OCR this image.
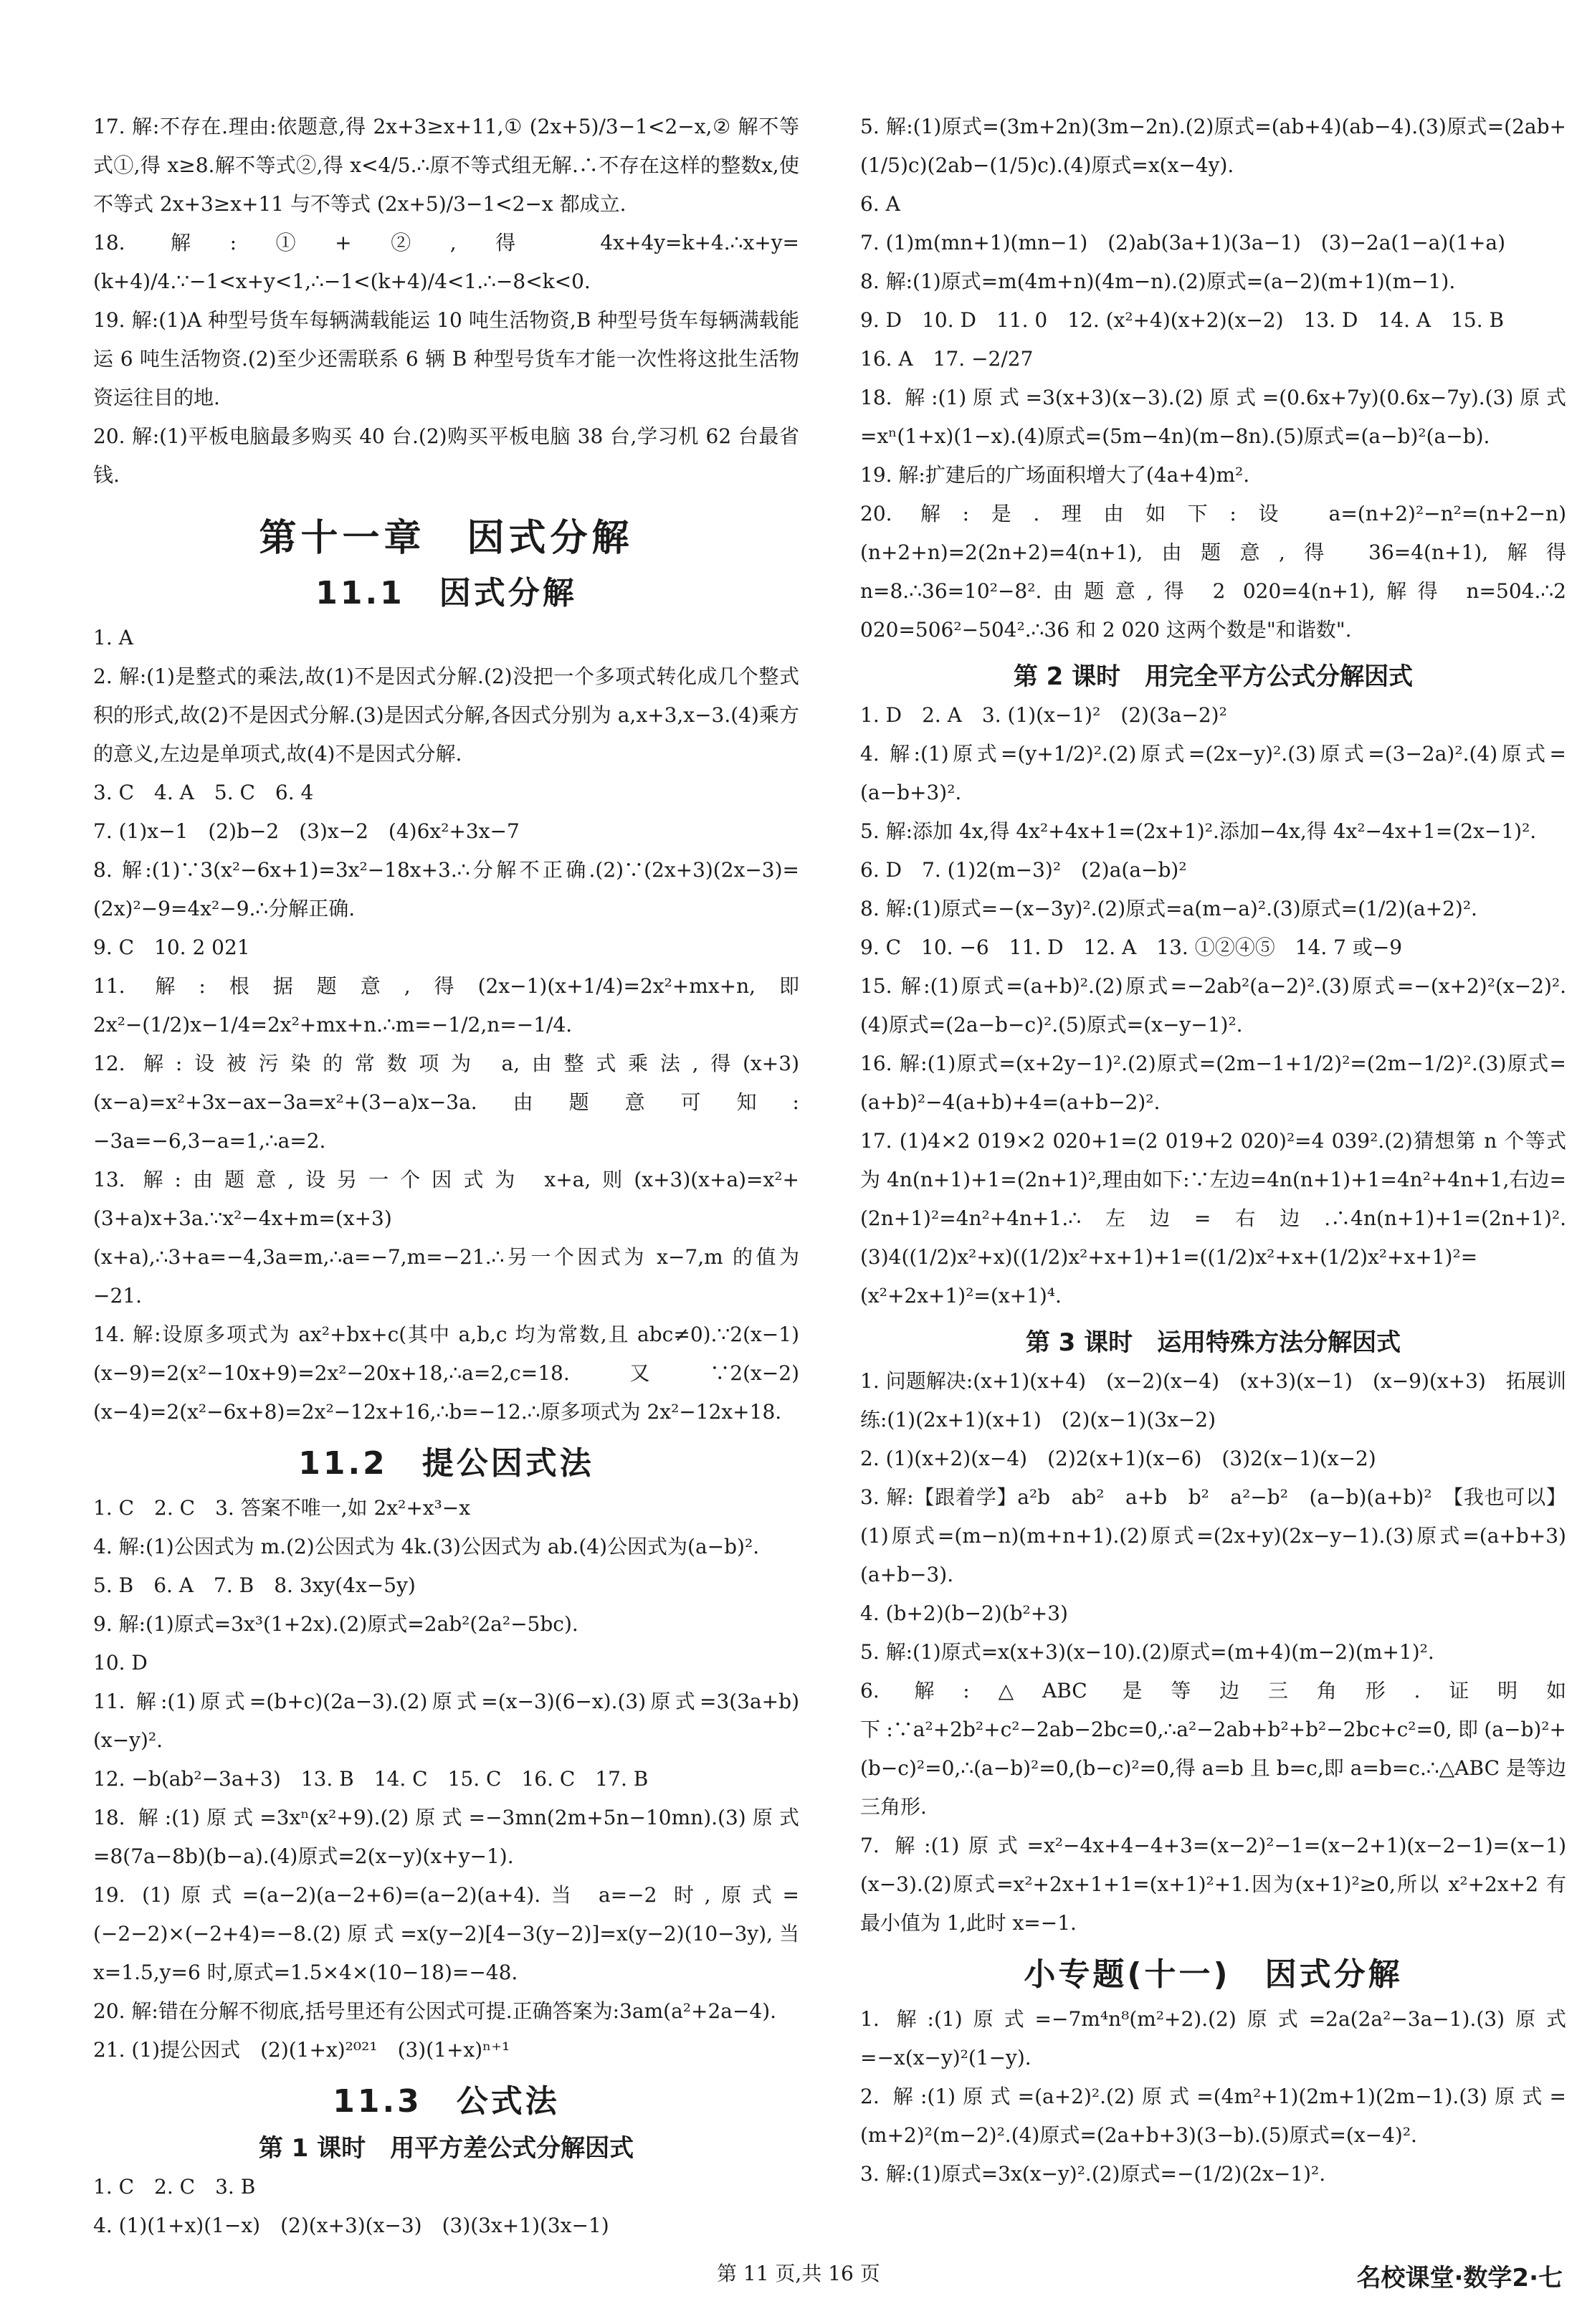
17. 解:不存在.理由:依题意,得 2x+3≥x+11,① (2x+5)/3−1<2−x,② 解不等式①,得 x≥8.解不等式②,得 x<4/5.∴原不等式组无解.∴不存在这样的整数x,使不等式 2x+3≥x+11 与不等式 (2x+5)/3−1<2−x 都成立.

18. 解:①+②,得 4x+4y=k+4.∴x+y=(k+4)/4.∵−1<x+y<1,∴−1<(k+4)/4<1.∴−8<k<0.

19. 解:(1)A 种型号货车每辆满载能运 10 吨生活物资,B 种型号货车每辆满载能运 6 吨生活物资.(2)至少还需联系 6 辆 B 种型号货车才能一次性将这批生活物资运往目的地.

20. 解:(1)平板电脑最多购买 40 台.(2)购买平板电脑 38 台,学习机 62 台最省钱.

第十一章　因式分解
11.1　因式分解

1. A

2. 解:(1)是整式的乘法,故(1)不是因式分解.(2)没把一个多项式转化成几个整式积的形式,故(2)不是因式分解.(3)是因式分解,各因式分别为 a,x+3,x−3.(4)乘方的意义,左边是单项式,故(4)不是因式分解.

3. C　4. A　5. C　6. 4

7. (1)x−1　(2)b−2　(3)x−2　(4)6x²+3x−7

8. 解:(1)∵3(x²−6x+1)=3x²−18x+3.∴分解不正确.(2)∵(2x+3)(2x−3)=(2x)²−9=4x²−9.∴分解正确.

9. C　10. 2 021

11. 解:根据题意,得(2x−1)(x+1/4)=2x²+mx+n,即 2x²−(1/2)x−1/4=2x²+mx+n.∴m=−1/2,n=−1/4.

12. 解:设被污染的常数项为 a,由整式乘法,得(x+3)(x−a)=x²+3x−ax−3a=x²+(3−a)x−3a.由题意可知:−3a=−6,3−a=1,∴a=2.

13. 解:由题意,设另一个因式为 x+a,则(x+3)(x+a)=x²+(3+a)x+3a.∵x²−4x+m=(x+3)(x+a),∴3+a=−4,3a=m,∴a=−7,m=−21.∴另一个因式为 x−7,m 的值为−21.

14. 解:设原多项式为 ax²+bx+c(其中 a,b,c 均为常数,且 abc≠0).∵2(x−1)(x−9)=2(x²−10x+9)=2x²−20x+18,∴a=2,c=18.又∵2(x−2)(x−4)=2(x²−6x+8)=2x²−12x+16,∴b=−12.∴原多项式为 2x²−12x+18.

11.2　提公因式法

1. C　2. C　3. 答案不唯一,如 2x²+x³−x

4. 解:(1)公因式为 m.(2)公因式为 4k.(3)公因式为 ab.(4)公因式为(a−b)².

5. B　6. A　7. B　8. 3xy(4x−5y)

9. 解:(1)原式=3x³(1+2x).(2)原式=2ab²(2a²−5bc).

10. D

11. 解:(1)原式=(b+c)(2a−3).(2)原式=(x−3)(6−x).(3)原式=3(3a+b)(x−y)².

12. −b(ab²−3a+3)　13. B　14. C　15. C　16. C　17. B

18. 解:(1)原式=3xⁿ(x²+9).(2)原式=−3mn(2m+5n−10mn).(3)原式=8(7a−8b)(b−a).(4)原式=2(x−y)(x+y−1).

19. (1)原式=(a−2)(a−2+6)=(a−2)(a+4).当 a=−2 时,原式=(−2−2)×(−2+4)=−8.(2)原式=x(y−2)[4−3(y−2)]=x(y−2)(10−3y),当 x=1.5,y=6 时,原式=1.5×4×(10−18)=−48.

20. 解:错在分解不彻底,括号里还有公因式可提.正确答案为:3am(a²+2a−4).

21. (1)提公因式　(2)(1+x)²⁰²¹　(3)(1+x)ⁿ⁺¹

11.3　公式法
第 1 课时　用平方差公式分解因式

1. C　2. C　3. B

4. (1)(1+x)(1−x)　(2)(x+3)(x−3)　(3)(3x+1)(3x−1)

5. 解:(1)原式=(3m+2n)(3m−2n).(2)原式=(ab+4)(ab−4).(3)原式=(2ab+(1/5)c)(2ab−(1/5)c).(4)原式=x(x−4y).

6. A

7. (1)m(mn+1)(mn−1)　(2)ab(3a+1)(3a−1)　(3)−2a(1−a)(1+a)

8. 解:(1)原式=m(4m+n)(4m−n).(2)原式=(a−2)(m+1)(m−1).

9. D　10. D　11. 0　12. (x²+4)(x+2)(x−2)　13. D　14. A　15. B

16. A　17. −2/27

18. 解:(1)原式=3(x+3)(x−3).(2)原式=(0.6x+7y)(0.6x−7y).(3)原式=xⁿ(1+x)(1−x).(4)原式=(5m−4n)(m−8n).(5)原式=(a−b)²(a−b).

19. 解:扩建后的广场面积增大了(4a+4)m².

20. 解:是.理由如下:设 a=(n+2)²−n²=(n+2−n)(n+2+n)=2(2n+2)=4(n+1),由题意,得 36=4(n+1),解得 n=8.∴36=10²−8².由题意,得 2 020=4(n+1),解得 n=504.∴2 020=506²−504².∴36 和 2 020 这两个数是"和谐数".

第 2 课时　用完全平方公式分解因式

1. D　2. A　3. (1)(x−1)²　(2)(3a−2)²

4. 解:(1)原式=(y+1/2)².(2)原式=(2x−y)².(3)原式=(3−2a)².(4)原式=(a−b+3)².

5. 解:添加 4x,得 4x²+4x+1=(2x+1)².添加−4x,得 4x²−4x+1=(2x−1)².

6. D　7. (1)2(m−3)²　(2)a(a−b)²

8. 解:(1)原式=−(x−3y)².(2)原式=a(m−a)².(3)原式=(1/2)(a+2)².

9. C　10. −6　11. D　12. A　13. ①②④⑤　14. 7 或−9

15. 解:(1)原式=(a+b)².(2)原式=−2ab²(a−2)².(3)原式=−(x+2)²(x−2)².(4)原式=(2a−b−c)².(5)原式=(x−y−1)².

16. 解:(1)原式=(x+2y−1)².(2)原式=(2m−1+1/2)²=(2m−1/2)².(3)原式=(a+b)²−4(a+b)+4=(a+b−2)².

17. (1)4×2 019×2 020+1=(2 019+2 020)²=4 039².(2)猜想第 n 个等式为 4n(n+1)+1=(2n+1)²,理由如下:∵左边=4n(n+1)+1=4n²+4n+1,右边=(2n+1)²=4n²+4n+1.∴左边=右边.∴4n(n+1)+1=(2n+1)².(3)4((1/2)x²+x)((1/2)x²+x+1)+1=((1/2)x²+x+(1/2)x²+x+1)²=(x²+2x+1)²=(x+1)⁴.

第 3 课时　运用特殊方法分解因式

1. 问题解决:(x+1)(x+4)　(x−2)(x−4)　(x+3)(x−1)　(x−9)(x+3)　拓展训练:(1)(2x+1)(x+1)　(2)(x−1)(3x−2)

2. (1)(x+2)(x−4)　(2)2(x+1)(x−6)　(3)2(x−1)(x−2)

3. 解:【跟着学】a²b　ab²　a+b　b²　a²−b²　(a−b)(a+b)²　【我也可以】(1)原式=(m−n)(m+n+1).(2)原式=(2x+y)(2x−y−1).(3)原式=(a+b+3)(a+b−3).

4. (b+2)(b−2)(b²+3)

5. 解:(1)原式=x(x+3)(x−10).(2)原式=(m+4)(m−2)(m+1)².

6. 解:△ABC 是等边三角形.证明如下:∵a²+2b²+c²−2ab−2bc=0,∴a²−2ab+b²+b²−2bc+c²=0,即(a−b)²+(b−c)²=0,∴(a−b)²=0,(b−c)²=0,得 a=b 且 b=c,即 a=b=c.∴△ABC 是等边三角形.

7. 解:(1)原式=x²−4x+4−4+3=(x−2)²−1=(x−2+1)(x−2−1)=(x−1)(x−3).(2)原式=x²+2x+1+1=(x+1)²+1.因为(x+1)²≥0,所以 x²+2x+2 有最小值为 1,此时 x=−1.

小专题(十一)　因式分解

1. 解:(1)原式=−7m⁴n⁸(m²+2).(2)原式=2a(2a²−3a−1).(3)原式=−x(x−y)²(1−y).

2. 解:(1)原式=(a+2)².(2)原式=(4m²+1)(2m+1)(2m−1).(3)原式=(m+2)²(m−2)².(4)原式=(2a+b+3)(3−b).(5)原式=(x−4)².

3. 解:(1)原式=3x(x−y)².(2)原式=−(1/2)(2x−1)².

第 11 页,共 16 页	名校课堂·数学2·七
